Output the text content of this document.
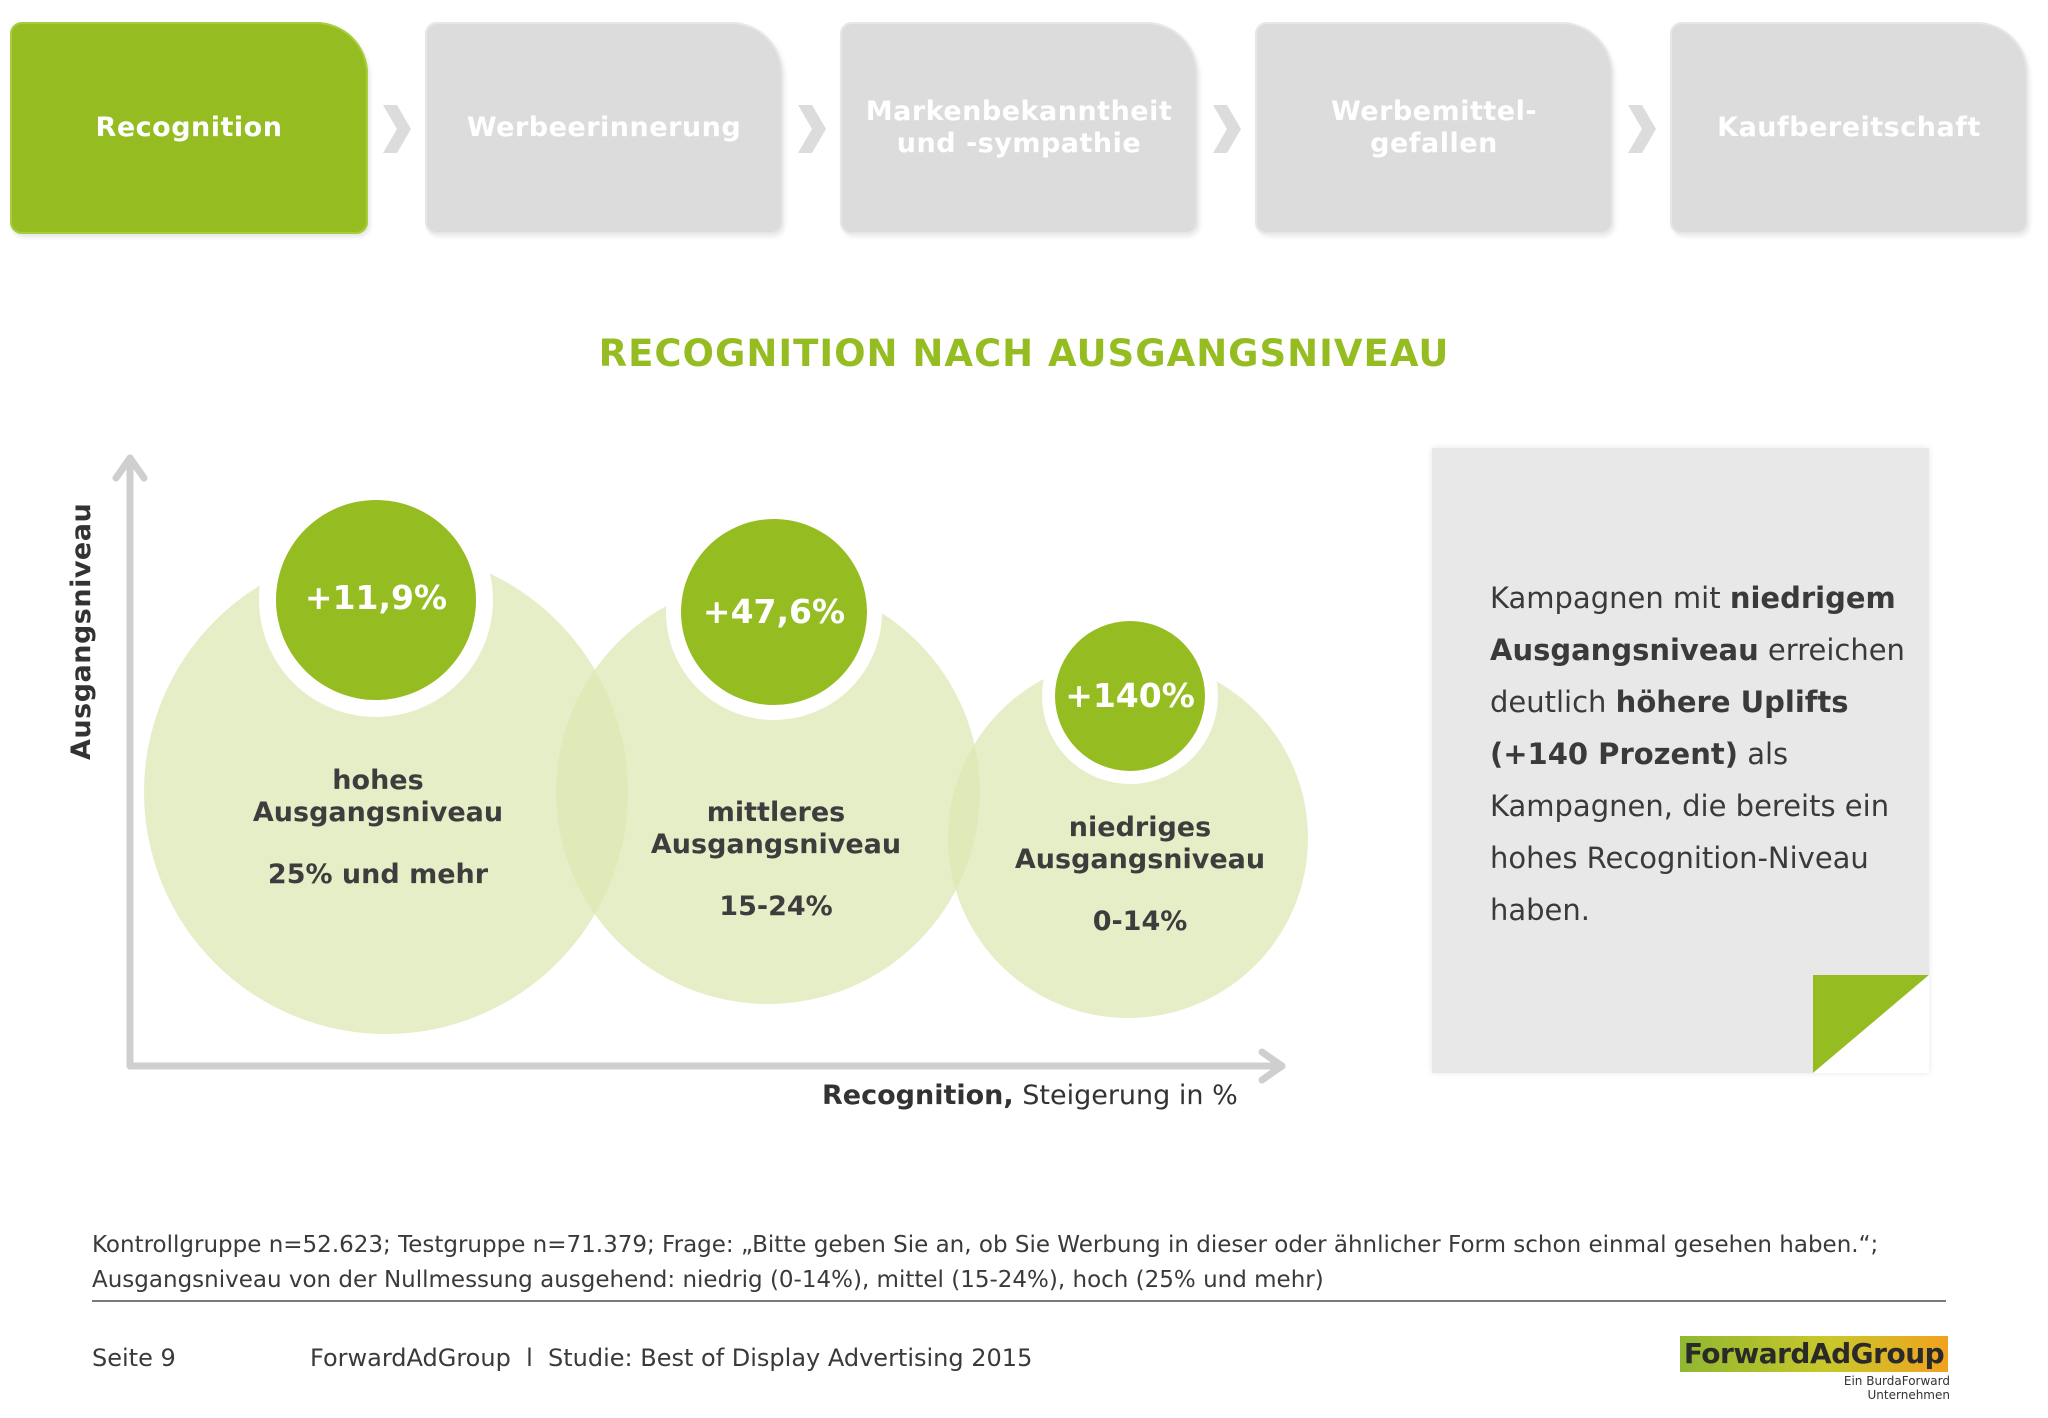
Recognition	Werbeerinnerung
Markenbekanntheit
und -sympathie
Werbemittel-
gefallen
Kaufbereitschaft
RECOGNITION NACH AUSGANGSNIVEAU
Ausgangsniveau
Recognition, Steigerung in %
+11,9%	+47,6%
+140%
hohes
Ausgangsniveau
25% und mehr
mittleres
Ausgangsniveau
15-24%
niedriges
Ausgangsniveau
0-14%
Kampagnen mit niedrigem Ausgangsniveau erreichen deutlich höhere Uplifts (+140 Prozent) als Kampagnen, die bereits ein hohes Recognition-Niveau haben.
Kontrollgruppe n=52.623; Testgruppe n=71.379; Frage: „Bitte geben Sie an, ob Sie Werbung in dieser oder ähnlicher Form schon einmal gesehen haben.“;
Ausgangsniveau von der Nullmessung ausgehend: niedrig (0-14%), mittel (15-24%), hoch (25% und mehr)
Seite 9	ForwardAdGroup  l  Studie: Best of Display Advertising 2015	ForwardAdGroup
Ein BurdaForward Unternehmen
